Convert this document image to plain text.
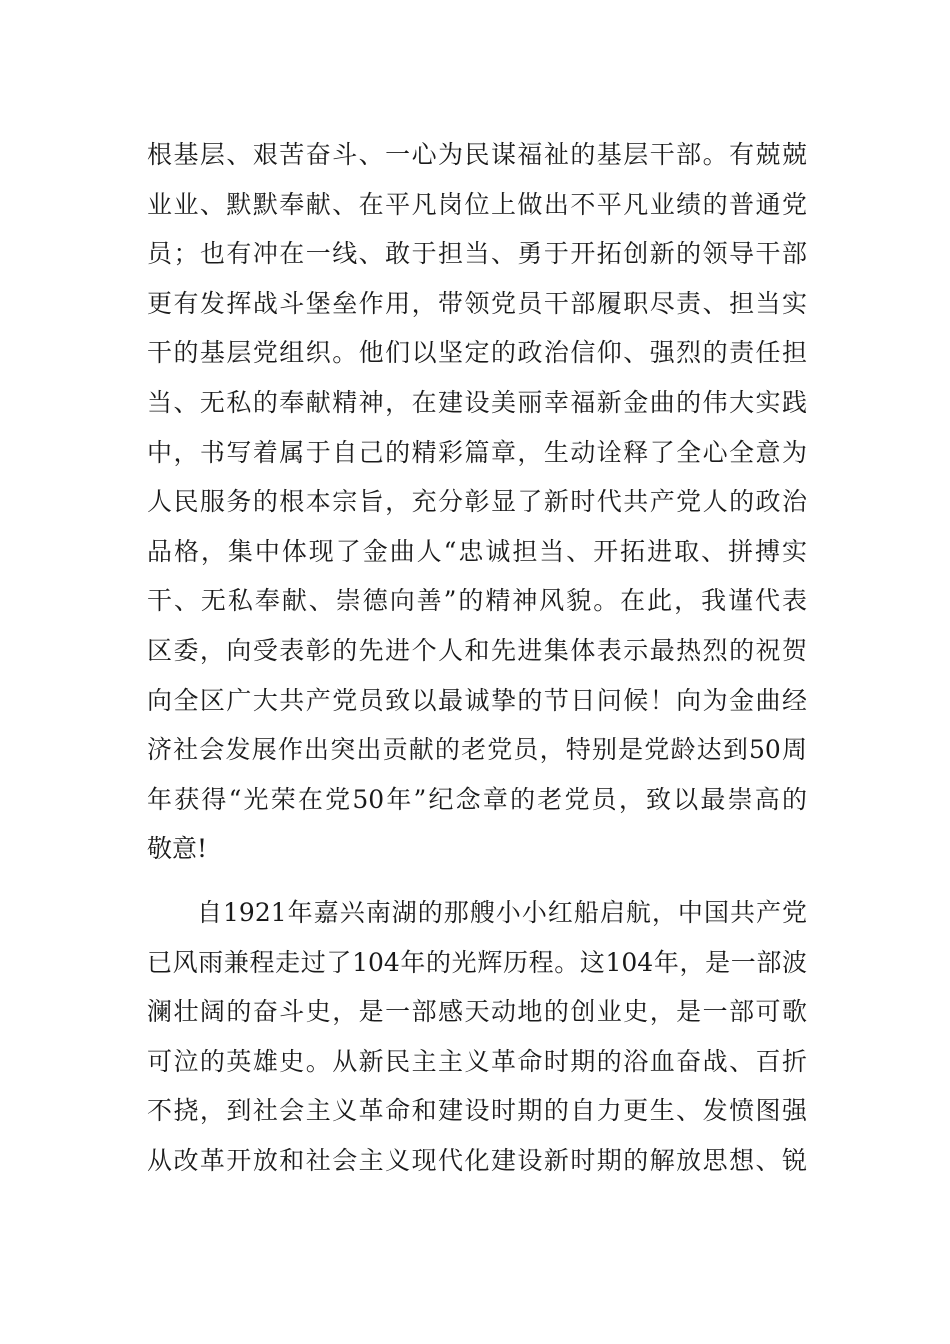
根基层、艰苦奋斗、一心为民谋福祉的基层干部。有兢兢
业业、默默奉献、在平凡岗位上做出不平凡业绩的普通党
员；也有冲在一线、敢于担当、勇于开拓创新的领导干部
更有发挥战斗堡垒作用，带领党员干部履职尽责、担当实
干的基层党组织。他们以坚定的政治信仰、强烈的责任担
当、无私的奉献精神，在建设美丽幸福新金曲的伟大实践
中，书写着属于自己的精彩篇章，生动诠释了全心全意为
人民服务的根本宗旨，充分彰显了新时代共产党人的政治
品格，集中体现了金曲人“忠诚担当、开拓进取、拼搏实
干、无私奉献、崇德向善”的精神风貌。在此，我谨代表
区委，向受表彰的先进个人和先进集体表示最热烈的祝贺
向全区广大共产党员致以最诚挚的节日问候！向为金曲经
济社会发展作出突出贡献的老党员，特别是党龄达到50周
年获得“光荣在党50年”纪念章的老党员，致以最崇高的
敬意!
自1921年嘉兴南湖的那艘小小红船启航，中国共产党
已风雨兼程走过了104年的光辉历程。这104年，是一部波
澜壮阔的奋斗史，是一部感天动地的创业史，是一部可歌
可泣的英雄史。从新民主主义革命时期的浴血奋战、百折
不挠，到社会主义革命和建设时期的自力更生、发愤图强
从改革开放和社会主义现代化建设新时期的解放思想、锐
